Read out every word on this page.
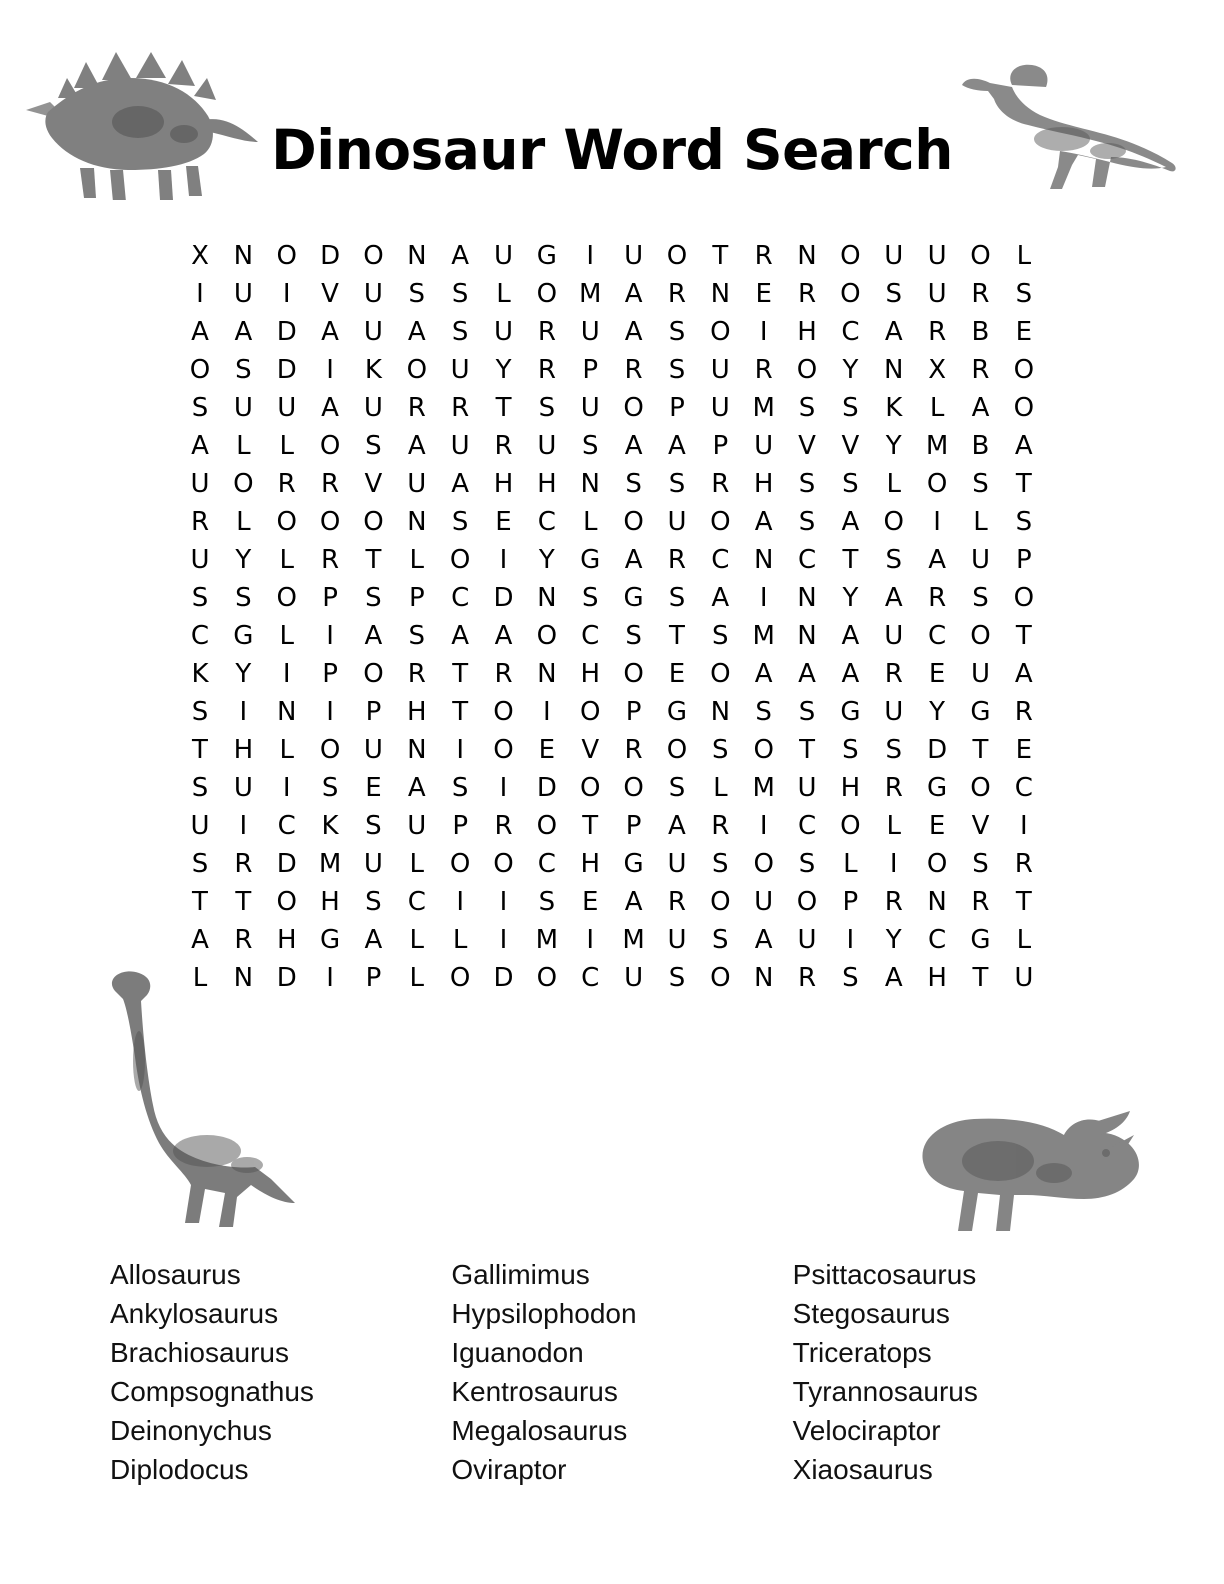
Dinosaur Word Search
X N O D O N A U G	I	U O T	R N O U U O L
I	U	I	V U S	S	L O M A R N E	R O S U R	S
A A D A U A	S U R U A	S O	I	H C A R B	E
O S D	I	K O U Y	R	P	R	S U R O Y N X R O
S U U A U R R	T	S U O P	U M S	S	K	L	A O
A	L	L O S	A U R U S	A A	P	U V V	Y M B A
U O R R V U A H H N S	S	R H S	S	L O S	T
R	L O O O N S	E	C	L O U O A	S	A O	I	L	S
U Y	L	R	T	L O	I	Y G A R C N C	T	S	A U	P
S	S O P	S	P	C D N S G S	A	I	N Y	A R	S O
C G	L	I	A	S	A A O C	S	T	S M N A U C O T
K	Y	I	P O R	T	R N H O E O A A A R	E U A
S	I	N	I	P H T O	I	O P G N S	S G U Y G R
T H	L O U N	I	O E	V R O S O T	S	S D T	E
S U	I	S	E	A	S	I	D O O S	L M U H R G O C
U	I	C K	S U	P	R O T	P	A R	I	C O L	E	V	I
S	R D M U	L O O C H G U S O S	L	I	O S	R
T	T O H S	C	I	I	S	E	A R O U O P	R N R	T
A R H G A	L	L	I	M	I	M U S	A U	I	Y	C G	L
L	N D	I	P	L O D O C U S O N R	S	A H T U
Allosaurus
Ankylosaurus
Brachiosaurus
Compsognathus
Deinonychus
Diplodocus
Gallimimus
Hypsilophodon
Iguanodon
Kentrosaurus
Megalosaurus
Oviraptor
Psittacosaurus
Stegosaurus
Triceratops
Tyrannosaurus
Velociraptor
Xiaosaurus
